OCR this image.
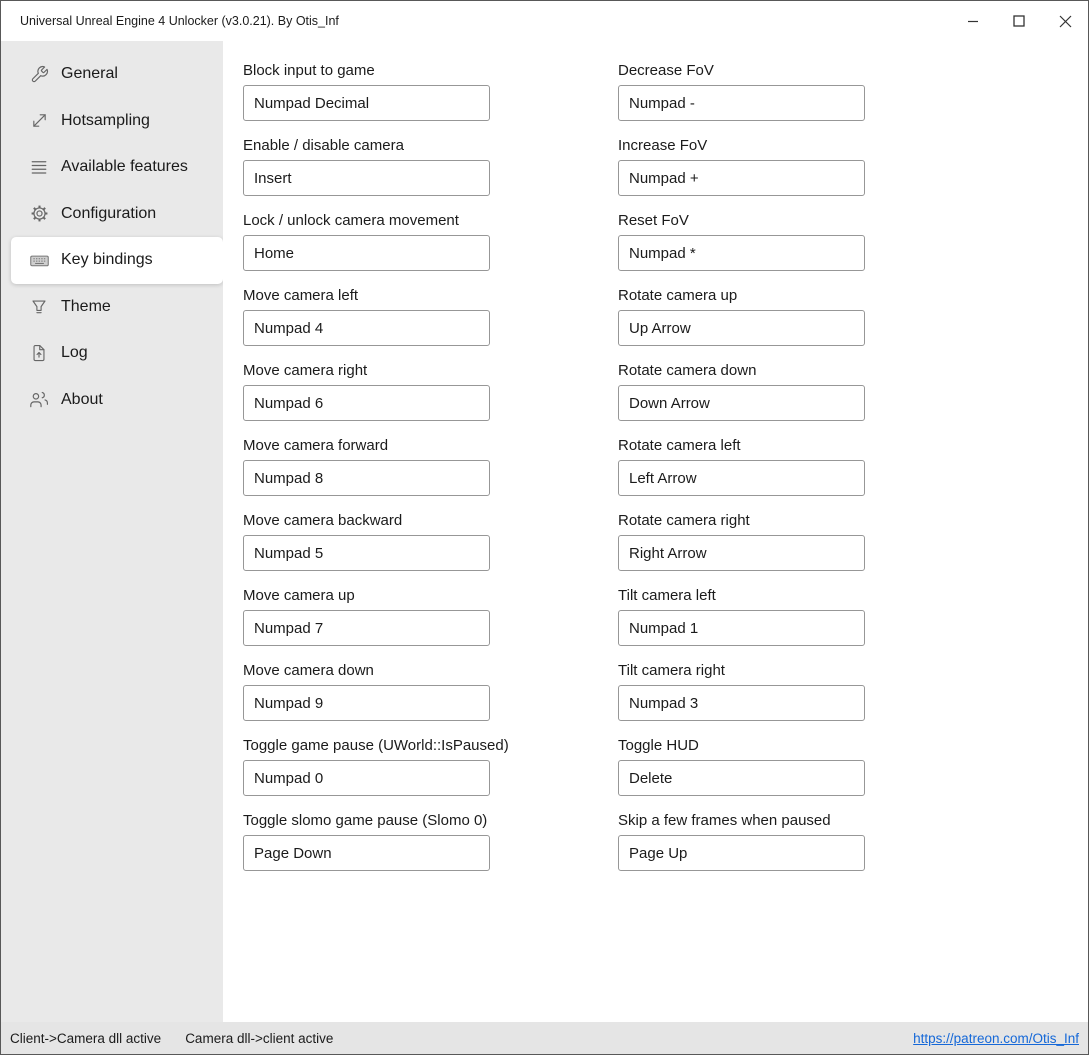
Universal Unreal Engine 4 Unlocker (v3.0.21). By Otis_Inf
General
Hotsampling
Available features
Configuration
Key bindings
Theme
Log
About
Block input to game
Numpad Decimal
Enable / disable camera
Insert
Lock / unlock camera movement
Home
Move camera left
Numpad 4
Move camera right
Numpad 6
Move camera forward
Numpad 8
Move camera backward
Numpad 5
Move camera up
Numpad 7
Move camera down
Numpad 9
Toggle game pause (UWorld::IsPaused)
Numpad 0
Toggle slomo game pause (Slomo 0)
Page Down
Decrease FoV
Numpad -
Increase FoV
Numpad +
Reset FoV
Numpad *
Rotate camera up
Up Arrow
Rotate camera down
Down Arrow
Rotate camera left
Left Arrow
Rotate camera right
Right Arrow
Tilt camera left
Numpad 1
Tilt camera right
Numpad 3
Toggle HUD
Delete
Skip a few frames when paused
Page Up
Client->Camera dll active Camera dll->client active	https://patreon.com/Otis_Inf
